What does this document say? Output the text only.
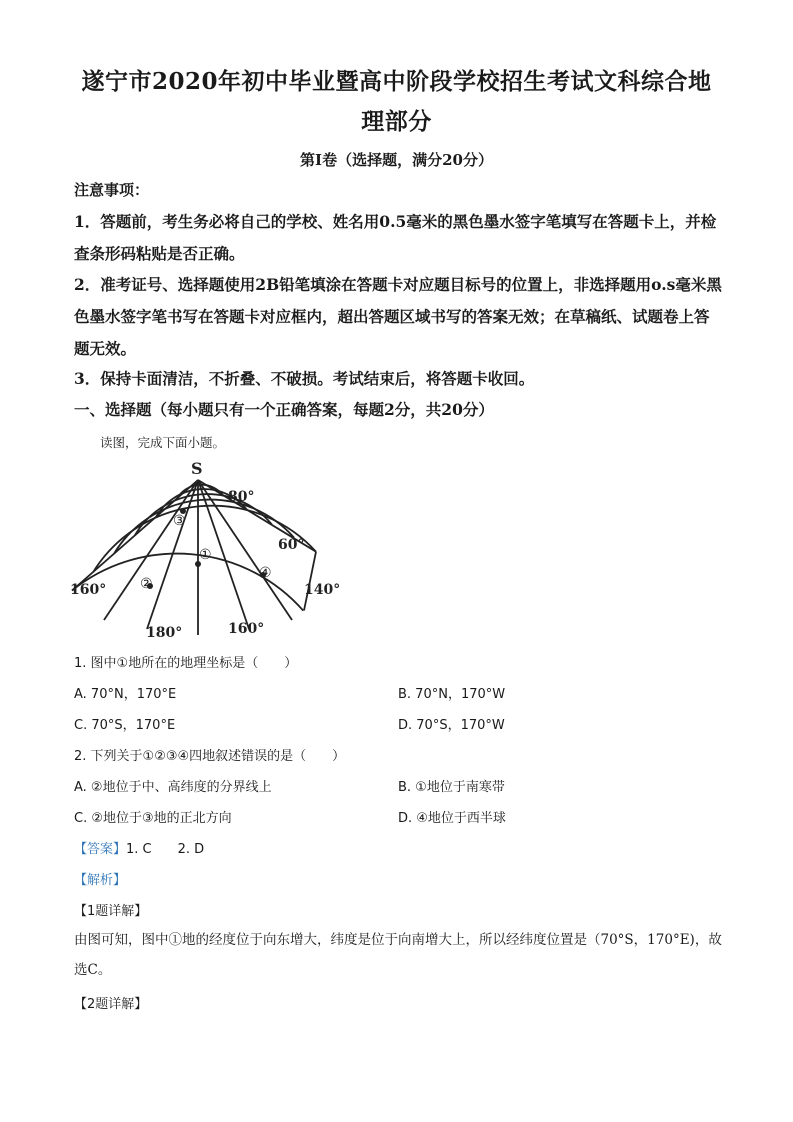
遂宁市2020年初中毕业暨高中阶段学校招生考试文科综合地
理部分
第I卷（选择题，满分20分）
注意事项：
1．答题前，考生务必将自己的学校、姓名用0.5毫米的黑色墨水签字笔填写在答题卡上，并检查条形码粘贴是否正确。
2．准考证号、选择题使用2B铅笔填涂在答题卡对应题目标号的位置上，非选择题用o.s毫米黑色墨水签字笔书写在答题卡对应框内，超出答题区域书写的答案无效；在草稿纸、试题卷上答题无效。
3．保持卡面清洁，不折叠、不破损。考试结束后，将答题卡收回。
一、选择题（每小题只有一个正确答案，每题2分，共20分）
读图，完成下面小题。
S
80°
60°
160°	140°
180°	160°
①
②
③
④
1. 图中①地所在的地理坐标是（　　）
A. 70°N，170°E	B. 70°N，170°W
C. 70°S，170°E	D. 70°S，170°W
2. 下列关于①②③④四地叙述错误的是（　　）
A. ②地位于中、高纬度的分界线上	B. ①地位于南寒带
C. ②地位于③地的正北方向	D. ④地位于西半球
【答案】1. C　　2. D
【解析】
【1题详解】
由图可知，图中①地的经度位于向东增大，纬度是位于向南增大上，所以经纬度位置是（70°S，170°E)，故选C。
【2题详解】
